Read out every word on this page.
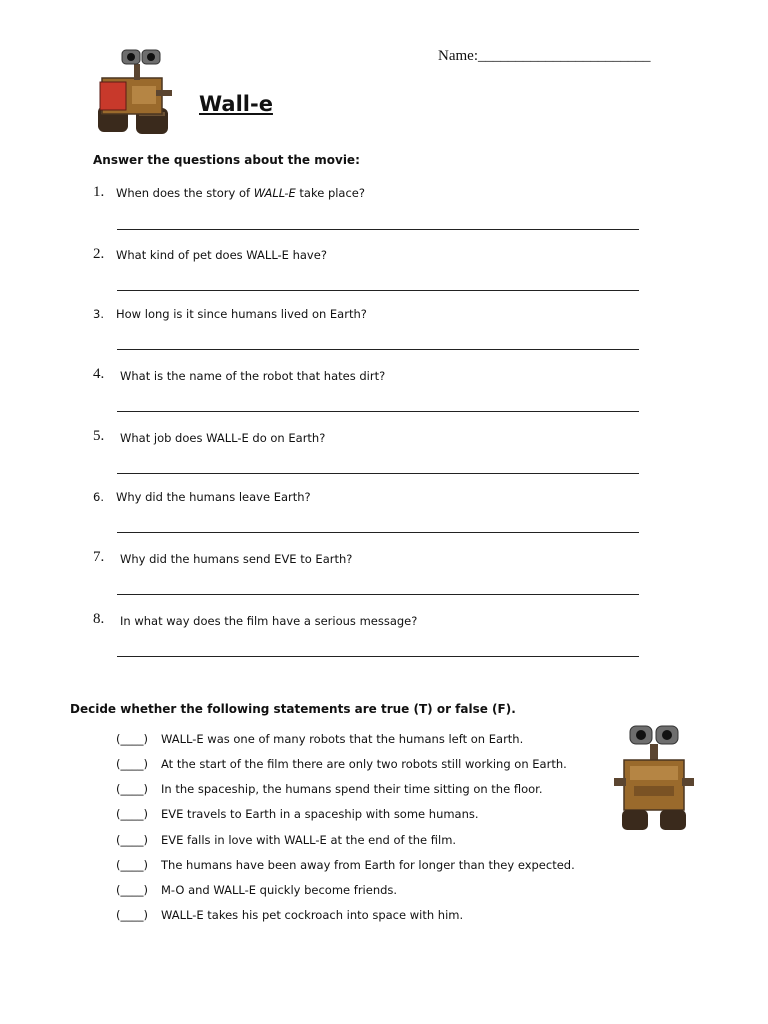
Name:_______________________
Wall-e
Answer the questions about the movie:
1. When does the story of WALL-E take place?
2. What kind of pet does WALL-E have?
3. How long is it since humans lived on Earth?
4. What is the name of the robot that hates dirt?
5. What job does WALL-E do on Earth?
6. Why did the humans leave Earth?
7. Why did the humans send EVE to Earth?
8. In what way does the film have a serious message?
Decide whether the following statements are true (T) or false (F).
(____) WALL-E was one of many robots that the humans left on Earth.
(____) At the start of the film there are only two robots still working on Earth.
(____) In the spaceship, the humans spend their time sitting on the floor.
(____) EVE travels to Earth in a spaceship with some humans.
(____) EVE falls in love with WALL-E at the end of the film.
(____) The humans have been away from Earth for longer than they expected.
(____) M-O and WALL-E quickly become friends.
(____) WALL-E takes his pet cockroach into space with him.
